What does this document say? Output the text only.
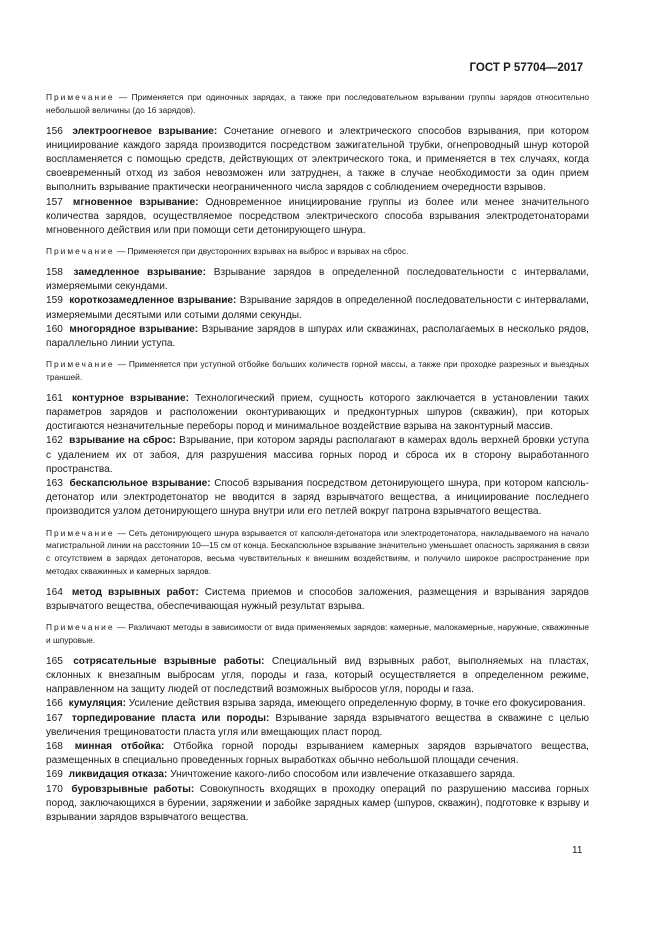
ГОСТ Р 57704—2017

Примечание — Применяется при одиночных зарядах, а также при последовательном взрывании группы зарядов относительно небольшой величины (до 16 зарядов).

156 электроогневое взрывание: Сочетание огневого и электрического способов взрывания, при котором инициирование каждого заряда производится посредством зажигательной трубки, огнепроводный шнур которой воспламеняется с помощью средств, действующих от электрического тока, и применяется в тех случаях, когда своевременный отход из забоя невозможен или затруднен, а также в случае необходимости за один прием выполнить взрывание практически неограниченного числа зарядов с соблюдением очередности взрывов.

157 мгновенное взрывание: Одновременное инициирование группы из более или менее значительного количества зарядов, осуществляемое посредством электрического способа взрывания электродетонаторами мгновенного действия или при помощи сети детонирующего шнура.

Примечание — Применяется при двусторонних взрывах на выброс и взрывах на сброс.

158 замедленное взрывание: Взрывание зарядов в определенной последовательности с интервалами, измеряемыми секундами.

159 короткозамедленное взрывание: Взрывание зарядов в определенной последовательности с интервалами, измеряемыми десятыми или сотыми долями секунды.

160 многорядное взрывание: Взрывание зарядов в шпурах или скважинах, располагаемых в несколько рядов, параллельно линии уступа.

Примечание — Применяется при уступной отбойке больших количеств горной массы, а также при проходке разрезных и выездных траншей.

161 контурное взрывание: Технологический прием, сущность которого заключается в установлении таких параметров зарядов и расположении оконтуривающих и предконтурных шпуров (скважин), при которых достигаются незначительные переборы пород и минимальное воздействие взрыва на законтурный массив.

162 взрывание на сброс: Взрывание, при котором заряды располагают в камерах вдоль верхней бровки уступа с удалением их от забоя, для разрушения массива горных пород и сброса их в сторону выработанного пространства.

163 бескапсюльное взрывание: Способ взрывания посредством детонирующего шнура, при котором капсюль-детонатор или электродетонатор не вводится в заряд взрывчатого вещества, а инициирование последнего производится узлом детонирующего шнура внутри или его петлей вокруг патрона взрывчатого вещества.

Примечание — Сеть детонирующего шнура взрывается от капсюля-детонатора или электродетонатора, накладываемого на начало магистральной линии на расстоянии 10—15 см от конца. Бескапсюльное взрывание значительно уменьшает опасность заряжания в связи с отсутствием в зарядах детонаторов, весьма чувствительных к внешним воздействиям, и получило широкое распространение при методах скважинных и камерных зарядов.

164 метод взрывных работ: Система приемов и способов заложения, размещения и взрывания зарядов взрывчатого вещества, обеспечивающая нужный результат взрыва.

Примечание — Различают методы в зависимости от вида применяемых зарядов: камерные, малокамерные, наружные, скважинные и шпуровые.

165 сотрясательные взрывные работы: Специальный вид взрывных работ, выполняемых на пластах, склонных к внезапным выбросам угля, породы и газа, который осуществляется в определенном режиме, направленном на защиту людей от последствий возможных выбросов угля, породы и газа.

166 кумуляция: Усиление действия взрыва заряда, имеющего определенную форму, в точке его фокусирования.

167 торпедирование пласта или породы: Взрывание заряда взрывчатого вещества в скважине с целью увеличения трещиноватости пласта угля или вмещающих пласт пород.

168 минная отбойка: Отбойка горной породы взрыванием камерных зарядов взрывчатого вещества, размещенных в специально проведенных горных выработках обычно небольшой площади сечения.

169 ликвидация отказа: Уничтожение какого-либо способом или извлечение отказавшего заряда.

170 буровзрывные работы: Совокупность входящих в проходку операций по разрушению массива горных пород, заключающихся в бурении, заряжении и забойке зарядных камер (шпуров, скважин), подготовке к взрыву и взрывании зарядов взрывчатого вещества.

11
